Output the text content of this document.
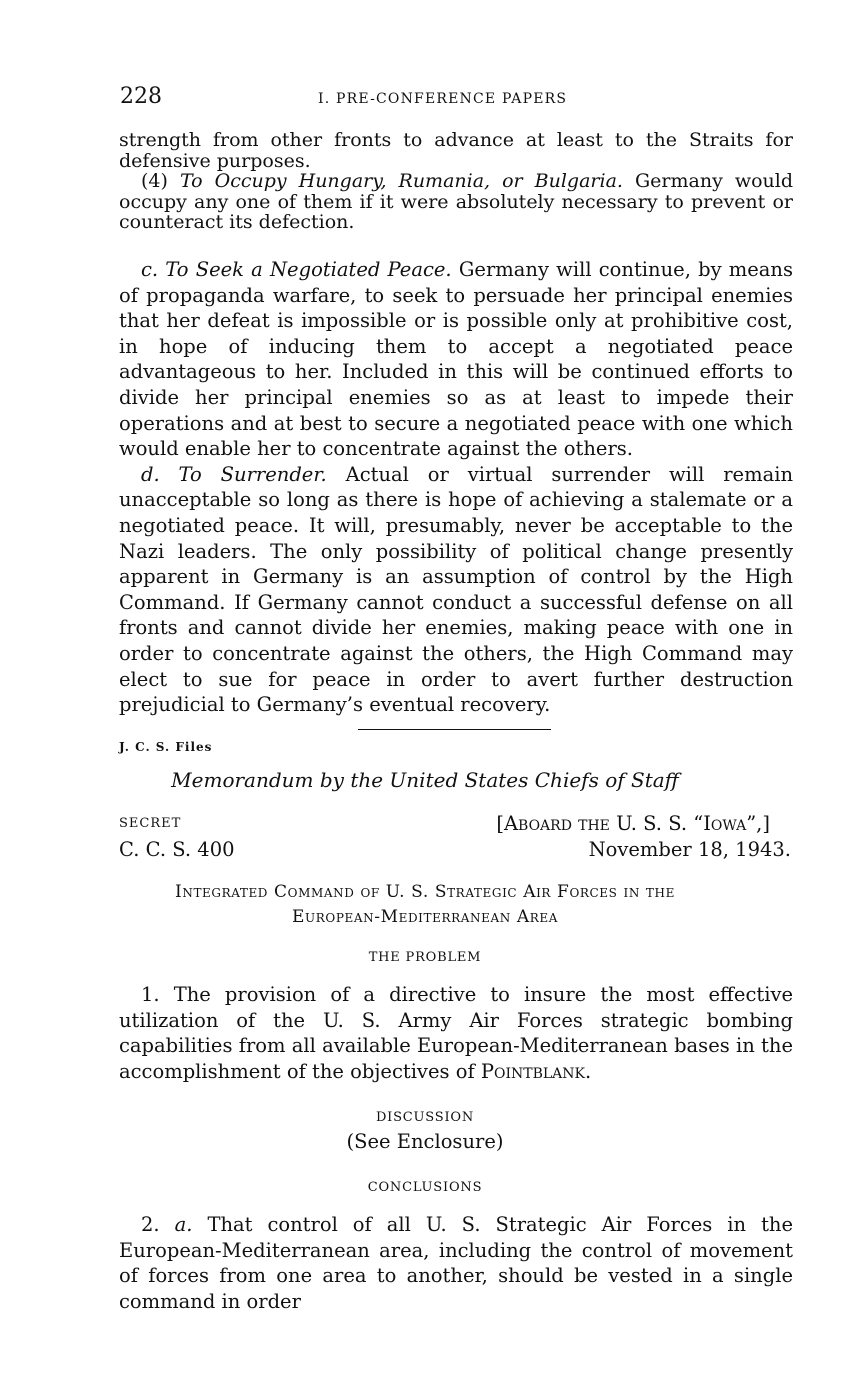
228	I. PRE-CONFERENCE PAPERS

strength from other fronts to advance at least to the Straits for defensive purposes.

(4) To Occupy Hungary, Rumania, or Bulgaria. Germany would occupy any one of them if it were absolutely necessary to prevent or counteract its defection.

c. To Seek a Negotiated Peace. Germany will continue, by means of propaganda warfare, to seek to persuade her principal enemies that her defeat is impossible or is possible only at prohibitive cost, in hope of inducing them to accept a negotiated peace advantageous to her. Included in this will be continued efforts to divide her principal enemies so as at least to impede their operations and at best to secure a negotiated peace with one which would enable her to concentrate against the others.

d. To Surrender. Actual or virtual surrender will remain unacceptable so long as there is hope of achieving a stalemate or a negotiated peace. It will, presumably, never be acceptable to the Nazi leaders. The only possibility of political change presently apparent in Germany is an assumption of control by the High Command. If Germany cannot conduct a successful defense on all fronts and cannot divide her enemies, making peace with one in order to concentrate against the others, the High Command may elect to sue for peace in order to avert further destruction prejudicial to Germany’s eventual recovery.

J. C. S. Files
Memorandum by the United States Chiefs of Staff
SECRET
C. C. S. 400
[Aboard the U. S. S. “Iowa”,]
November 18, 1943.
Integrated Command of U. S. Strategic Air Forces in the
European-Mediterranean Area
THE PROBLEM

1. The provision of a directive to insure the most effective utilization of the U. S. Army Air Forces strategic bombing capabilities from all available European-Mediterranean bases in the accomplishment of the objectives of Pointblank.

DISCUSSION
(See Enclosure)
CONCLUSIONS

2. a. That control of all U. S. Strategic Air Forces in the European-Mediterranean area, including the control of movement of forces from one area to another, should be vested in a single command in order
